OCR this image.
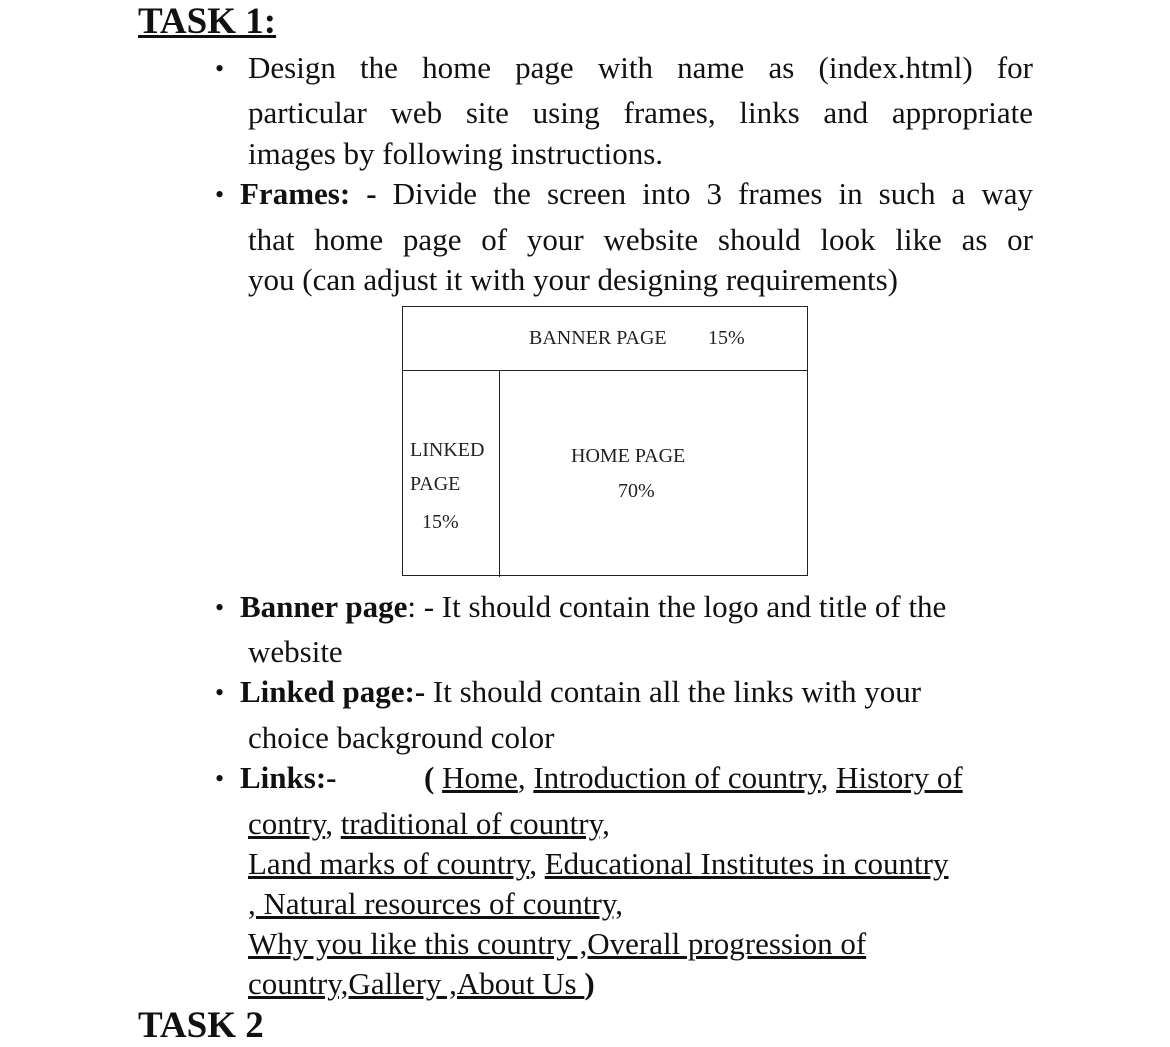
TASK 1:
• Design the home page with name as (index.html) for
particular web site using frames, links and appropriate
images by following instructions.
• Frames: - Divide the screen into 3 frames in such a way
that home page of your website should look like as or
you (can adjust it with your designing requirements)
BANNER PAGE 15%
LINKED
PAGE
15%
HOME PAGE
70%
• Banner page: - It should contain the logo and title of the
website
• Linked page:- It should contain all the links with your
choice background color
• Links:-	( Home, Introduction of country, History of
contry, traditional of country,
Land marks of country, Educational Institutes in country
, Natural resources of country,
Why you like this country ,Overall progression of
country,Gallery ,About Us )
TASK 2
